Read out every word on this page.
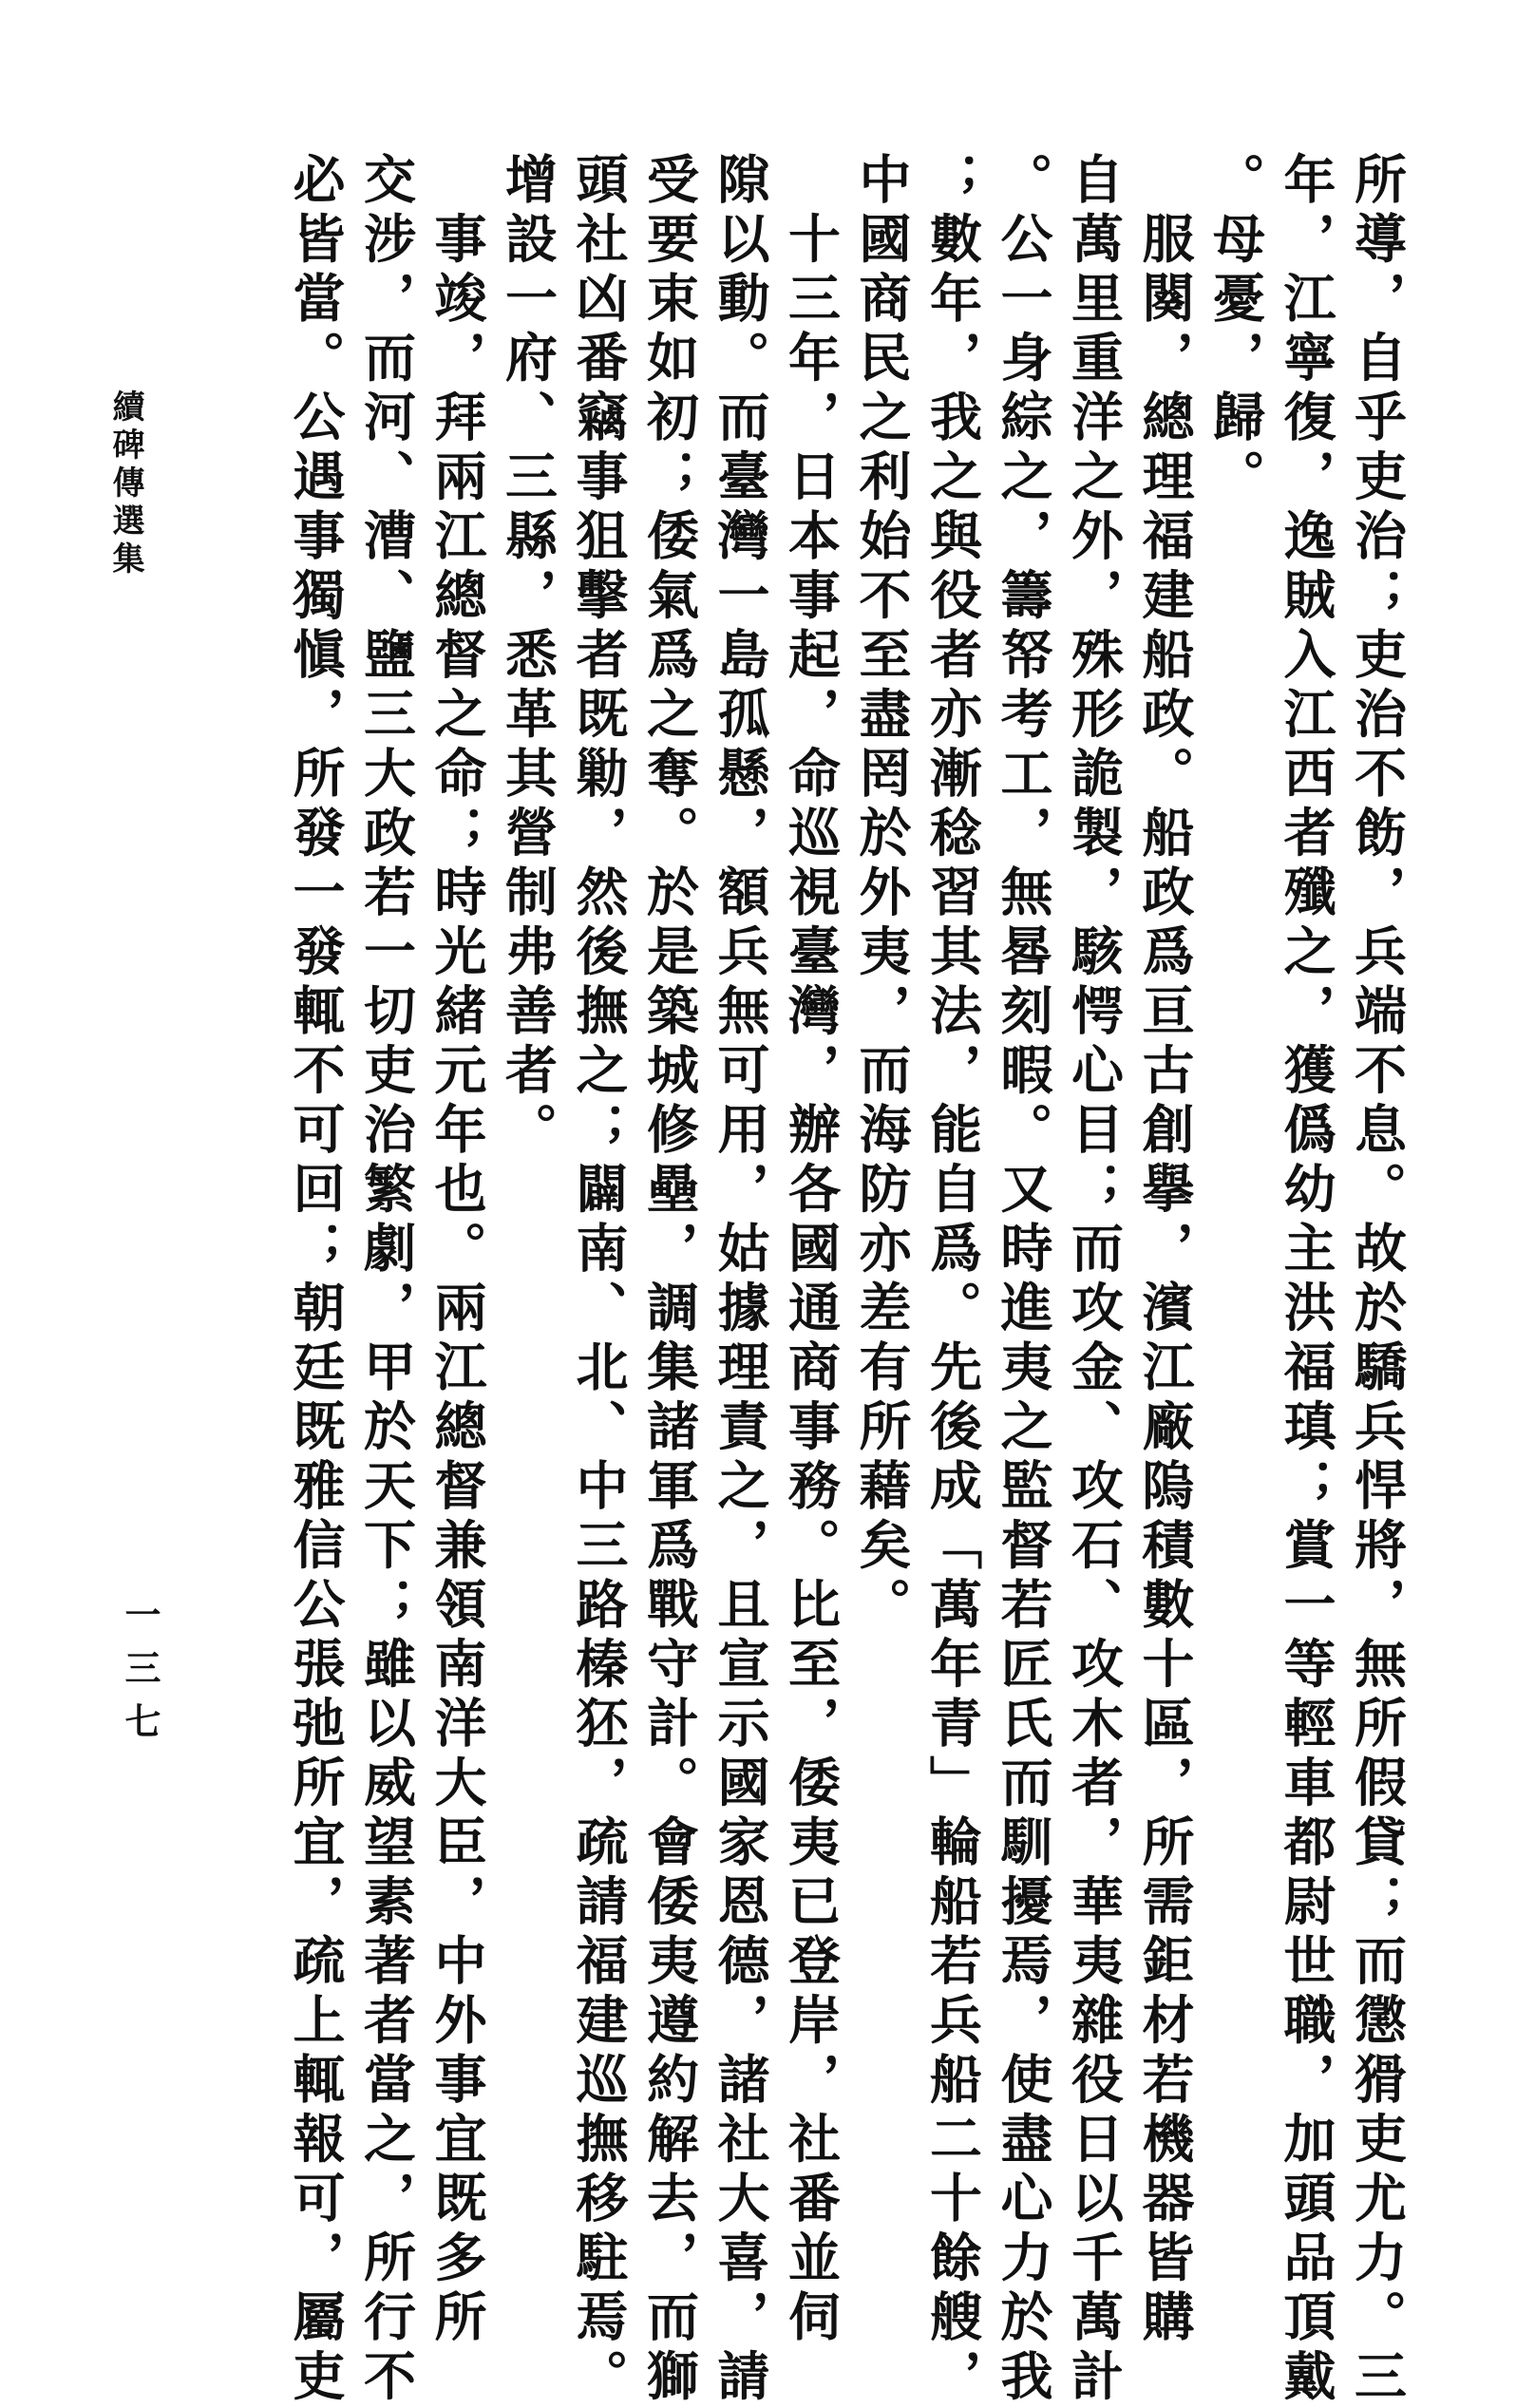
所導，自乎吏治；吏治不飭，兵端不息。故於驕兵悍將，無所假貸；而懲猾吏尤力。三
年，江寧復，逸賊入江西者殲之，獲僞幼主洪福瑱；賞一等輕車都尉世職，加頭品頂戴
。母憂，歸。
　服闋，總理福建船政。船政爲亘古創擧，濱江廠隖積數十區，所需鉅材若機器皆購
自萬里重洋之外，殊形詭製，駭愕心目；而攻金、攻石、攻木者，華夷雜役日以千萬計
。公一身綜之，籌帑考工，無晷刻暇。又時進夷之監督若匠氏而馴擾焉，使盡心力於我
；數年，我之與役者亦漸稔習其法，能自爲。先後成「萬年青」輪船若兵船二十餘艘，
中國商民之利始不至盡罔於外夷，而海防亦差有所藉矣。
　十三年，日本事起，命巡視臺灣，辦各國通商事務。比至，倭夷已登岸，社番並伺
隙以動。而臺灣一島孤懸，額兵無可用，姑據理責之，且宣示國家恩德，諸社大喜，請
受要束如初；倭氣爲之奪。於是築城修壘，調集諸軍爲戰守計。會倭夷遵約解去，而獅
頭社凶番竊事狙擊者既勦，然後撫之；闢南、北、中三路榛狉，疏請福建巡撫移駐焉。
增設一府、三縣，悉革其營制弗善者。
　事竣，拜兩江總督之命；時光緒元年也。兩江總督兼領南洋大臣，中外事宜既多所
交涉，而河、漕、鹽三大政若一切吏治繁劇，甲於天下；雖以威望素著者當之，所行不
必皆當。公遇事獨愼，所發一發輒不可回；朝廷既雅信公張弛所宜，疏上輒報可，屬吏
續碑傳選集
一三七
